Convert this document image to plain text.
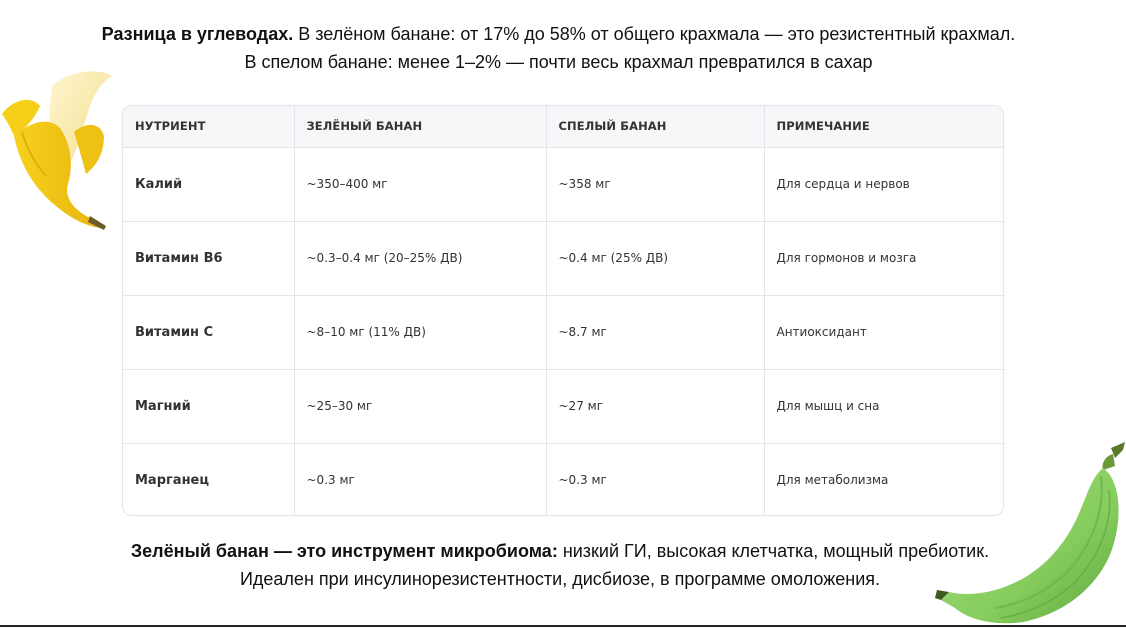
Разница в углеводах. В зелёном банане: от 17% до 58% от общего крахмала — это резистентный крахмал.
В спелом банане: менее 1–2% — почти весь крахмал превратился в сахар
НУТРИЕНТ	ЗЕЛЁНЫЙ БАНАН	СПЕЛЫЙ БАНАН	ПРИМЕЧАНИЕ
Калий	~350–400 мг	~358 мг	Для сердца и нервов
Витамин B6	~0.3–0.4 мг (20–25% ДВ)	~0.4 мг (25% ДВ)	Для гормонов и мозга
Витамин C	~8–10 мг (11% ДВ)	~8.7 мг	Антиоксидант
Магний	~25–30 мг	~27 мг	Для мышц и сна
Марганец	~0.3 мг	~0.3 мг	Для метаболизма
Зелёный банан — это инструмент микробиома: низкий ГИ, высокая клетчатка, мощный пребиотик.
Идеален при инсулинорезистентности, дисбиозе, в программе омоложения.
